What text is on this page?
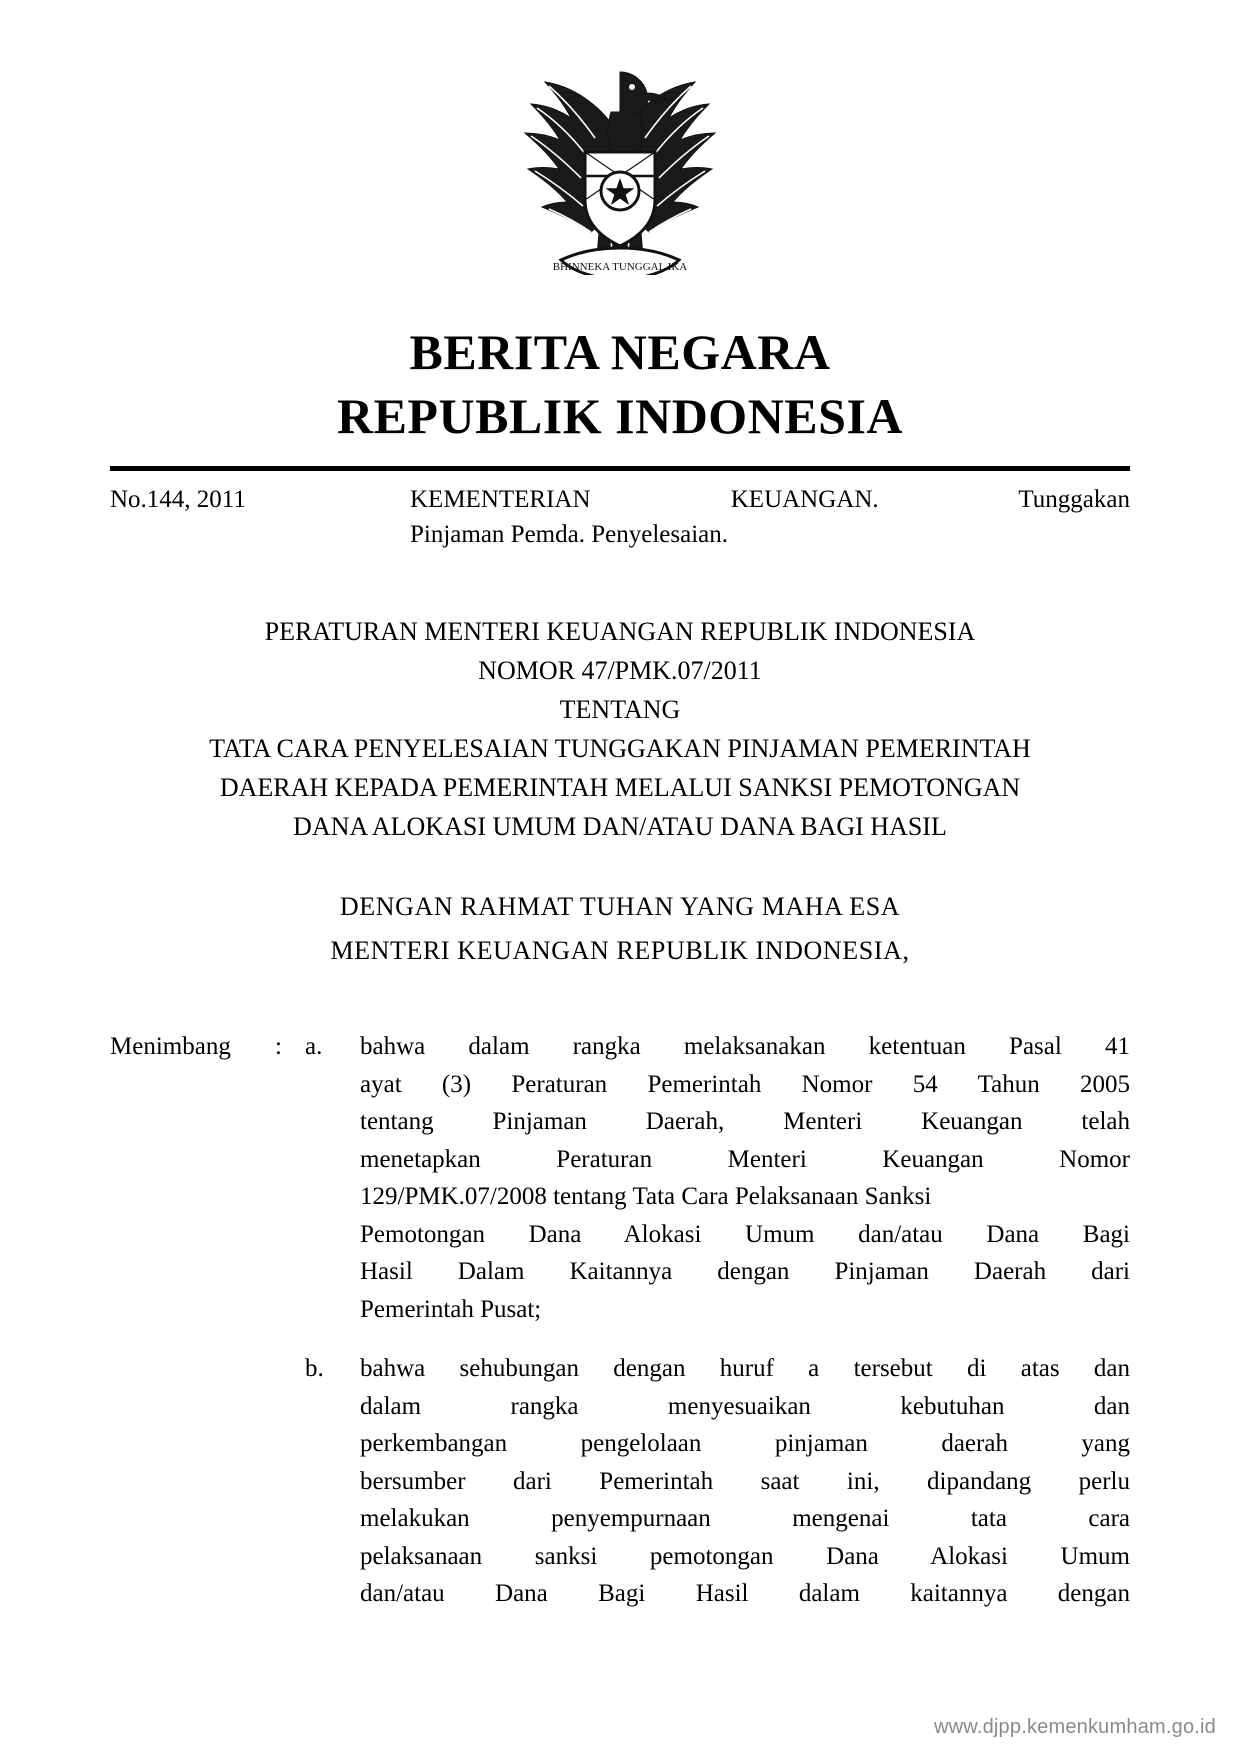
BHINNEKA TUNGGAL IKA
BERITA NEGARA
REPUBLIK INDONESIA
No.144, 2011	KEMENTERIAN KEUANGAN. Tunggakan
Pinjaman Pemda. Penyelesaian.
PERATURAN MENTERI KEUANGAN REPUBLIK INDONESIA
NOMOR 47/PMK.07/2011
TENTANG
TATA CARA PENYELESAIAN TUNGGAKAN PINJAMAN PEMERINTAH
DAERAH KEPADA PEMERINTAH MELALUI SANKSI PEMOTONGAN
DANA ALOKASI UMUM DAN/ATAU DANA BAGI HASIL
DENGAN RAHMAT TUHAN YANG MAHA ESA
MENTERI KEUANGAN REPUBLIK INDONESIA,
Menimbang	: a.	bahwa dalam rangka melaksanakan ketentuan Pasal 41

ayat (3) Peraturan Pemerintah Nomor 54 Tahun 2005

tentang Pinjaman Daerah, Menteri Keuangan telah

menetapkan Peraturan Menteri Keuangan Nomor

129/PMK.07/2008 tentang Tata Cara Pelaksanaan Sanksi

Pemotongan Dana Alokasi Umum dan/atau Dana Bagi

Hasil Dalam Kaitannya dengan Pinjaman Daerah dari

Pemerintah Pusat;

b.	bahwa sehubungan dengan huruf a tersebut di atas dan

dalam rangka menyesuaikan kebutuhan dan

perkembangan pengelolaan pinjaman daerah yang

bersumber dari Pemerintah saat ini, dipandang perlu

melakukan penyempurnaan mengenai tata cara

pelaksanaan sanksi pemotongan Dana Alokasi Umum

dan/atau Dana Bagi Hasil dalam kaitannya dengan

www.djpp.kemenkumham.go.id
